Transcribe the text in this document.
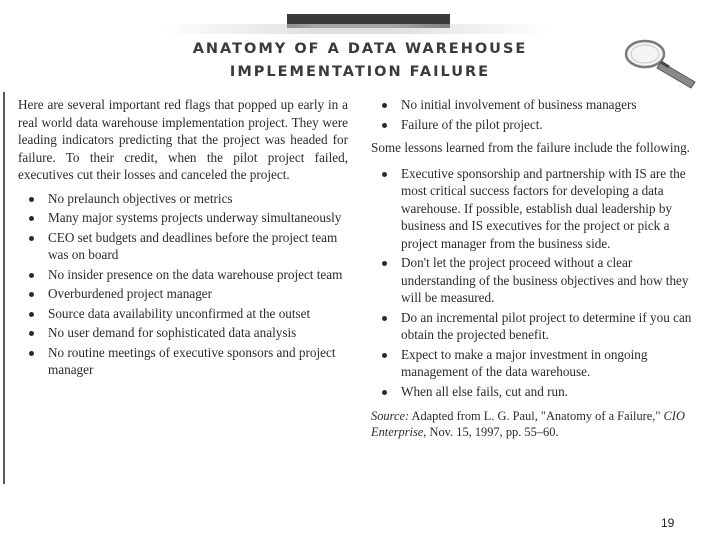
ANATOMY OF A DATA WAREHOUSE
IMPLEMENTATION FAILURE

Here are several important red flags that popped up early in a real world data warehouse implementation project. They were leading indicators predicting that the project was headed for failure. To their credit, when the pilot project failed, executives cut their losses and canceled the project.

No prelaunch objectives or metrics
Many major systems projects underway simultaneously
CEO set budgets and deadlines before the project team was on board
No insider presence on the data warehouse project team
Overburdened project manager
Source data availability unconfirmed at the outset
No user demand for sophisticated data analysis
No routine meetings of executive sponsors and project manager
No initial involvement of business managers
Failure of the pilot project.

Some lessons learned from the failure include the following.

Executive sponsorship and partnership with IS are the most critical success factors for developing a data warehouse. If possible, establish dual leadership by business and IS executives for the project or pick a project manager from the business side.
Don't let the project proceed without a clear understanding of the business objectives and how they will be measured.
Do an incremental pilot project to determine if you can obtain the projected benefit.
Expect to make a major investment in ongoing management of the data warehouse.
When all else fails, cut and run.
Source: Adapted from L. G. Paul, "Anatomy of a Failure," CIO Enterprise, Nov. 15, 1997, pp. 55–60.
19
